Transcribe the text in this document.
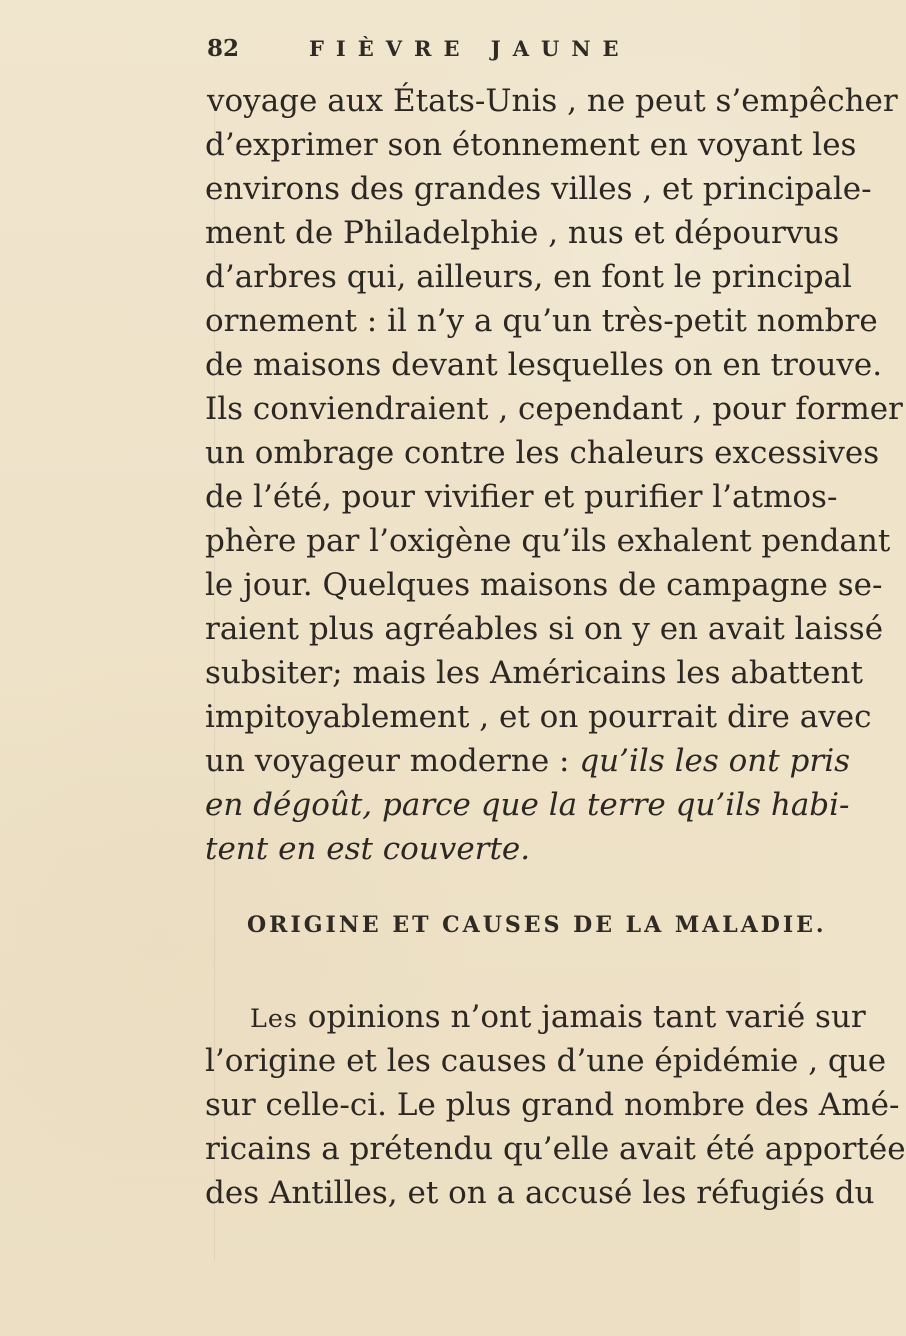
82	FIÈVRE JAUNE
voyage aux États-Unis , ne peut s’empêcher
d’exprimer son étonnement en voyant les
environs des grandes villes , et principale-
ment de Philadelphie , nus et dépourvus
d’arbres qui, ailleurs, en font le principal
ornement : il n’y a qu’un très-petit nombre
de maisons devant lesquelles on en trouve.
Ils conviendraient , cependant , pour former
un ombrage contre les chaleurs excessives
de l’été, pour vivifier et purifier l’atmos-
phère par l’oxigène qu’ils exhalent pendant
le jour. Quelques maisons de campagne se-
raient plus agréables si on y en avait laissé
subsiter; mais les Américains les abattent
impitoyablement , et on pourrait dire avec
un voyageur moderne : qu’ils les ont pris
en dégoût, parce que la terre qu’ils habi-
tent en est couverte.
ORIGINE ET CAUSES DE LA MALADIE.
Les opinions n’ont jamais tant varié sur
l’origine et les causes d’une épidémie , que
sur celle-ci. Le plus grand nombre des Amé-
ricains a prétendu qu’elle avait été apportée
des Antilles, et on a accusé les réfugiés du
